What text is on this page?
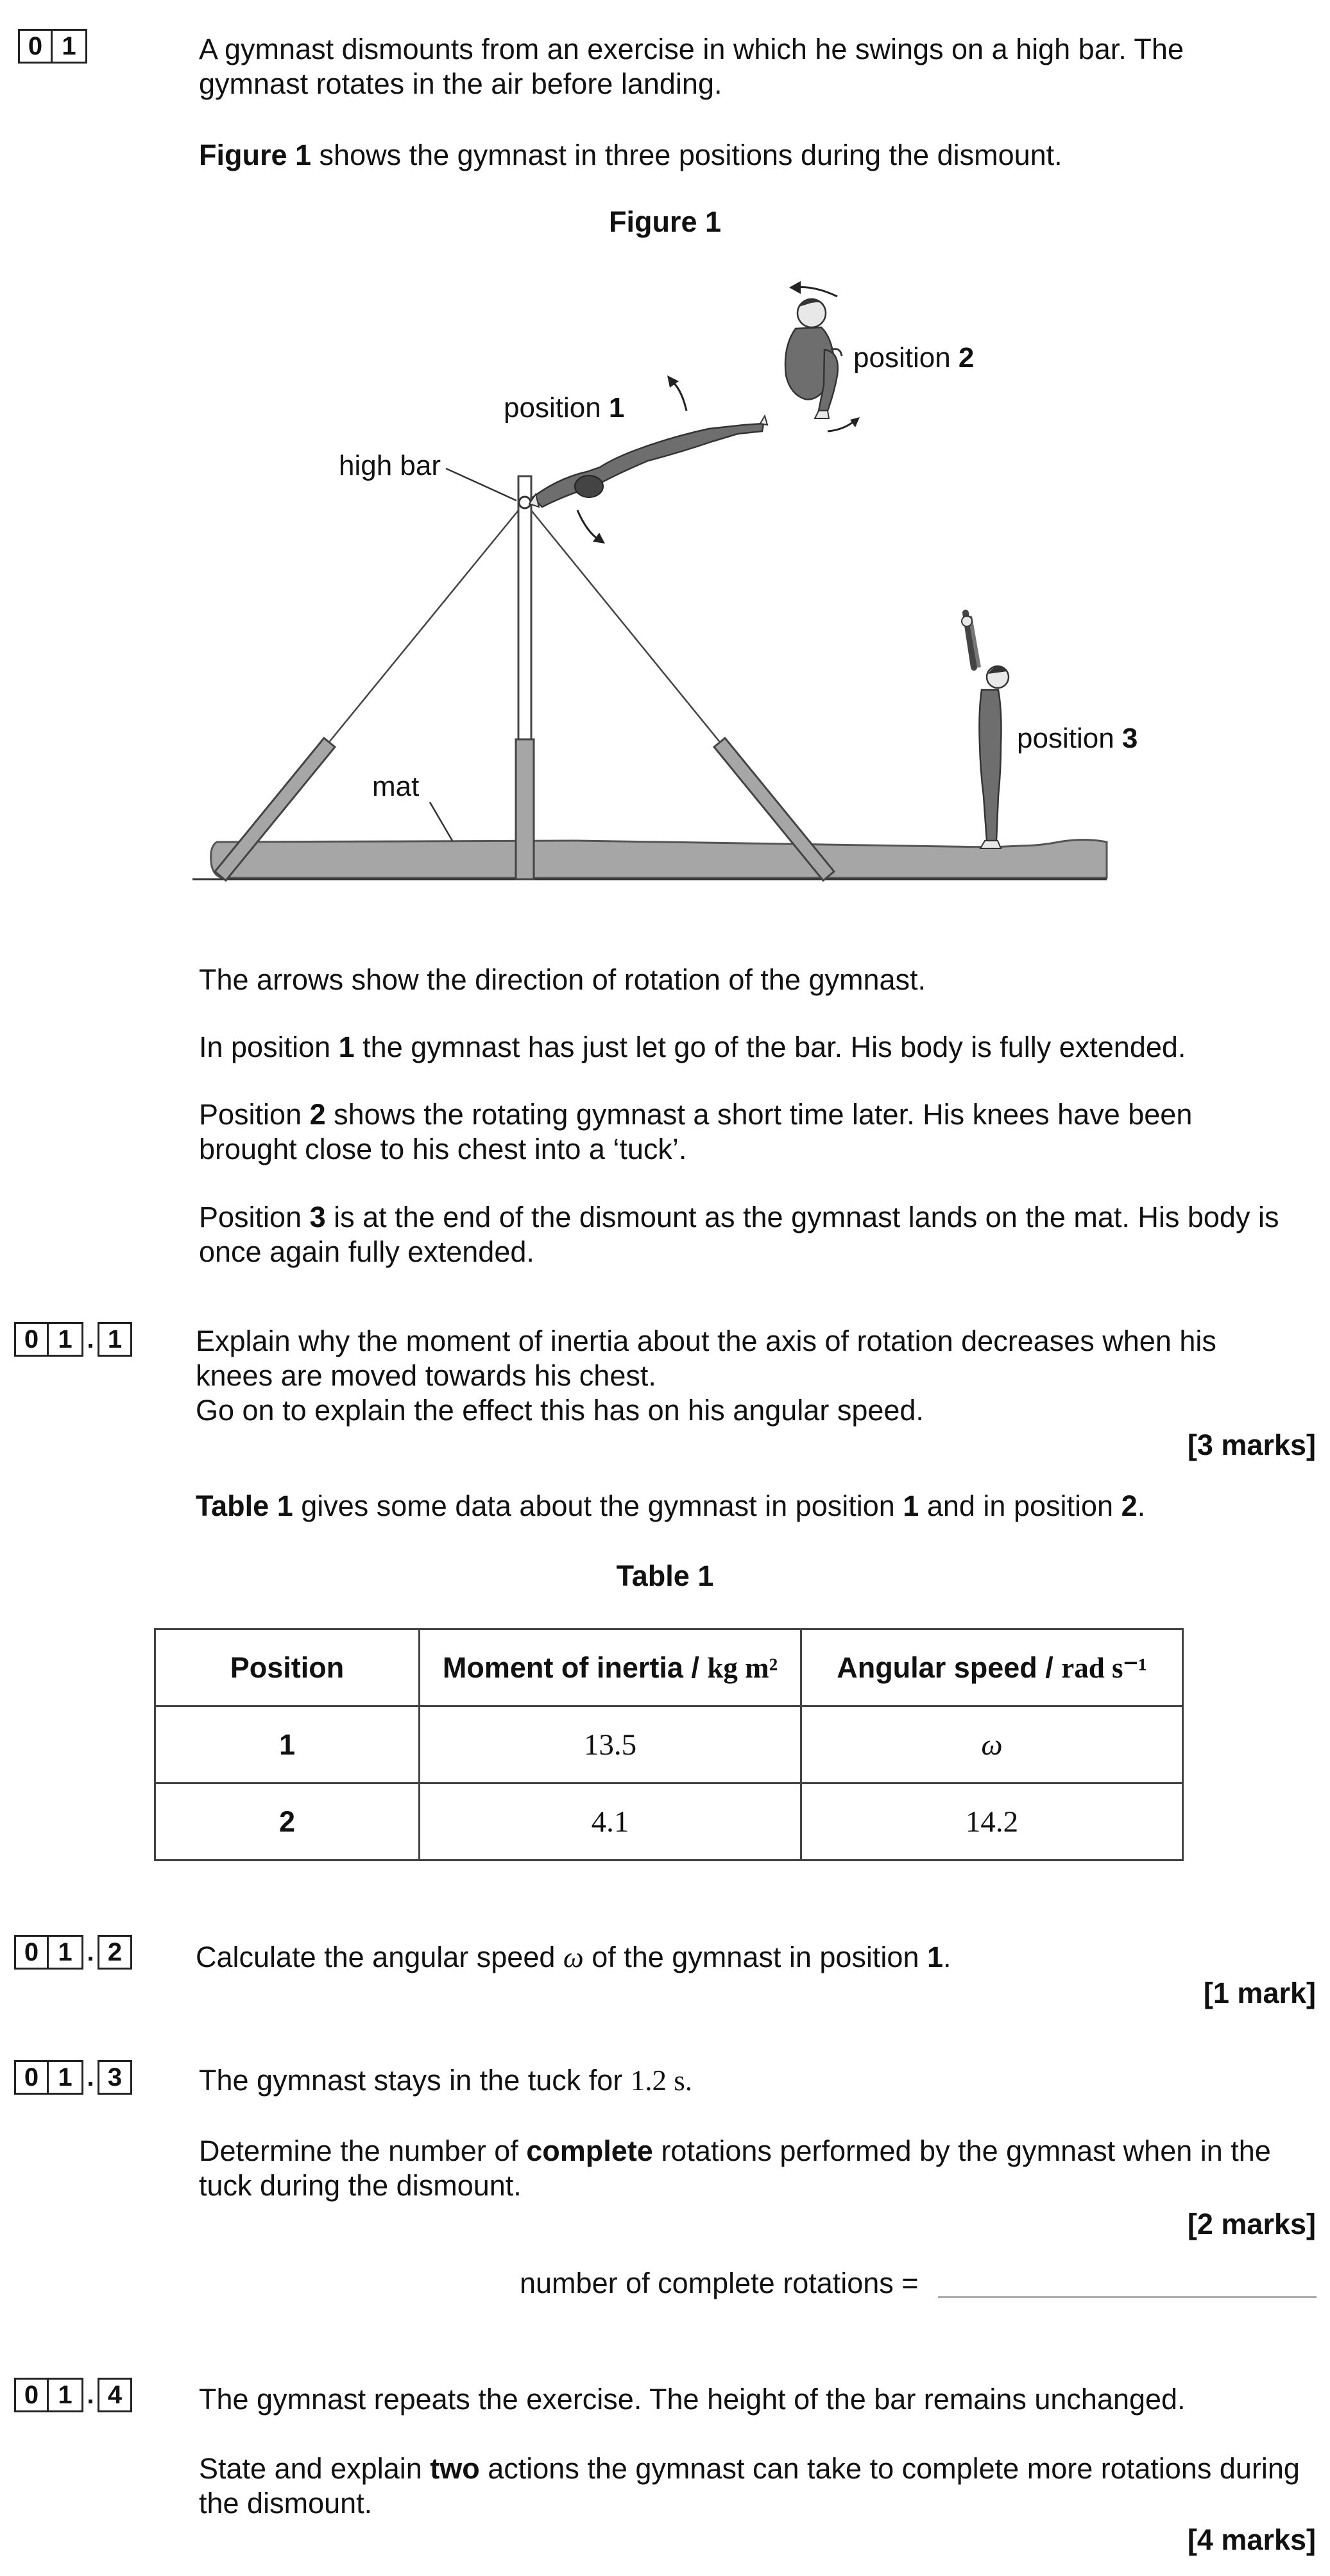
0 1	A gymnast dismounts from an exercise in which he swings on a high bar. The
gymnast rotates in the air before landing.

Figure 1 shows the gymnast in three positions during the dismount.

Figure 1
high bar
mat
position 1
position 2
position 3

The arrows show the direction of rotation of the gymnast.

In position 1 the gymnast has just let go of the bar. His body is fully extended.

Position 2 shows the rotating gymnast a short time later. His knees have been
brought close to his chest into a ‘tuck’.

Position 3 is at the end of the dismount as the gymnast lands on the mat. His body is
once again fully extended.

0 1 . 1	Explain why the moment of inertia about the axis of rotation decreases when his
knees are moved towards his chest.
Go on to explain the effect this has on his angular speed.

[3 marks]

Table 1 gives some data about the gymnast in position 1 and in position 2.

Table 1
Position	Moment of inertia / kg m²	Angular speed / rad s⁻¹
1	13.5	ω
2	4.1	14.2
0 1 . 2	Calculate the angular speed ω of the gymnast in position 1.

[1 mark]
0 1 . 3	The gymnast stays in the tuck for 1.2 s.

Determine the number of complete rotations performed by the gymnast when in the
tuck during the dismount.

[2 marks]
number of complete rotations =
0 1 . 4	The gymnast repeats the exercise. The height of the bar remains unchanged.

State and explain two actions the gymnast can take to complete more rotations during
the dismount.

[4 marks]
